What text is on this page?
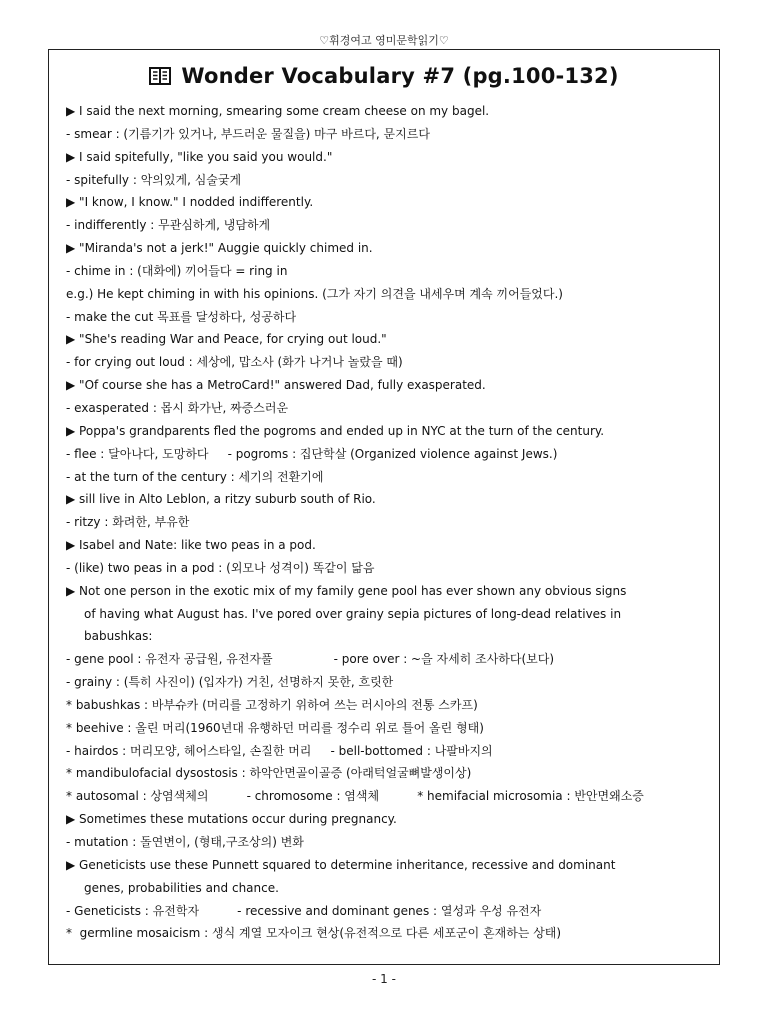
♡휘경여고 영미문학읽기♡
Wonder Vocabulary #7 (pg.100-132)
▶ I said the next morning, smearing some cream cheese on my bagel.
- smear : (기름기가 있거나, 부드러운 물질을) 마구 바르다, 문지르다
▶ I said spitefully, "like you said you would."
- spitefully : 악의있게, 심술궂게
▶ "I know, I know." I nodded indifferently.
- indifferently : 무관심하게, 냉담하게
▶ "Miranda's not a jerk!" Auggie quickly chimed in.
- chime in : (대화에) 끼어들다 = ring in
e.g.) He kept chiming in with his opinions. (그가 자기 의견을 내세우며 계속 끼어들었다.)
- make the cut 목표를 달성하다, 성공하다
▶ "She's reading War and Peace, for crying out loud."
- for crying out loud : 세상에, 맙소사 (화가 나거나 놀랐을 때)
▶ "Of course she has a MetroCard!" answered Dad, fully exasperated.
- exasperated : 몹시 화가난, 짜증스러운
▶ Poppa's grandparents fled the pogroms and ended up in NYC at the turn of the century.
- flee : 달아나다, 도망하다     - pogroms : 집단학살 (Organized violence against Jews.)
- at the turn of the century : 세기의 전환기에
▶ sill live in Alto Leblon, a ritzy suburb south of Rio.
- ritzy : 화려한, 부유한
▶ Isabel and Nate: like two peas in a pod.
- (like) two peas in a pod : (외모나 성격이) 똑같이 닮음
▶ Not one person in the exotic mix of my family gene pool has ever shown any obvious signs
of having what August has. I've pored over grainy sepia pictures of long-dead relatives in
babushkas:
- gene pool : 유전자 공급원, 유전자풀                - pore over : ~을 자세히 조사하다(보다)
- grainy : (특히 사진이) (입자가) 거친, 선명하지 못한, 흐릿한
* babushkas : 바부슈카 (머리를 고정하기 위하여 쓰는 러시아의 전통 스카프)
* beehive : 올린 머리(1960년대 유행하던 머리를 정수리 위로 틀어 올린 형태)
- hairdos : 머리모양, 헤어스타일, 손질한 머리     - bell-bottomed : 나팔바지의
* mandibulofacial dysostosis : 하악안면골이골증 (아래턱얼굴뼈발생이상)
* autosomal : 상염색체의          - chromosome : 염색체          * hemifacial microsomia : 반안면왜소증
▶ Sometimes these mutations occur during pregnancy.
- mutation : 돌연변이, (형태,구조상의) 변화
▶ Geneticists use these Punnett squared to determine inheritance, recessive and dominant
genes, probabilities and chance.
- Geneticists : 유전학자          - recessive and dominant genes : 열성과 우성 유전자
*  germline mosaicism : 생식 계열 모자이크 현상(유전적으로 다른 세포군이 혼재하는 상태)
- 1 -
